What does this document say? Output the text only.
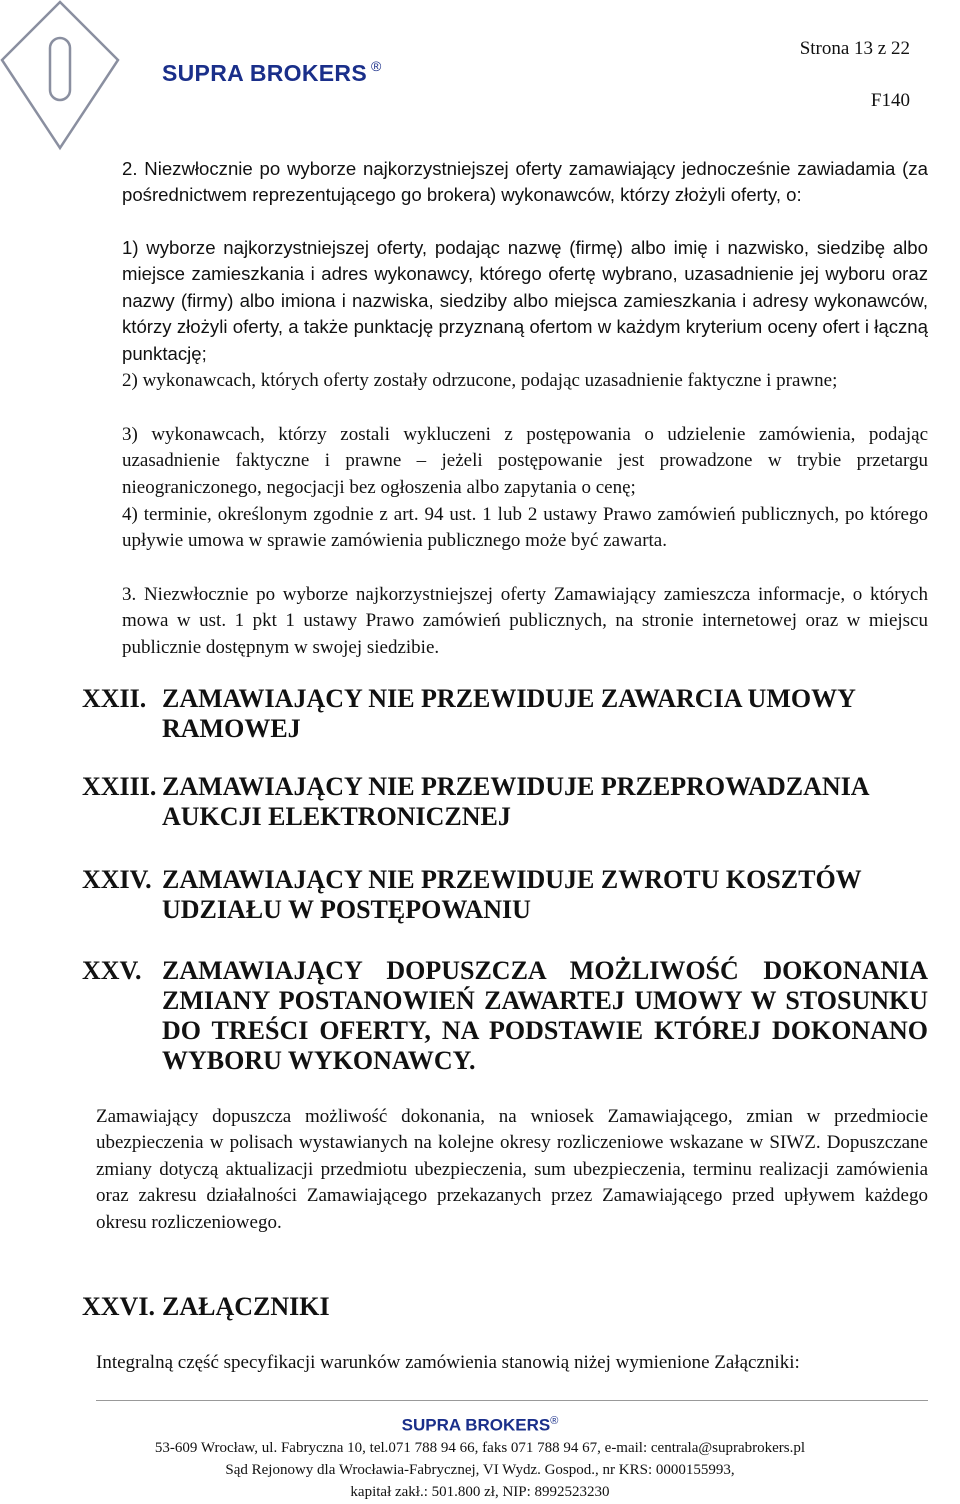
SUPRA BROKERS ®
Strona 13 z 22
F140

2. Niezwłocznie po wyborze najkorzystniejszej oferty zamawiający jednocześnie zawiadamia (za pośrednictwem reprezentującego go brokera) wykonawców, którzy złożyli oferty, o:

1) wyborze najkorzystniejszej oferty, podając nazwę (firmę) albo imię i nazwisko, siedzibę albo miejsce zamieszkania i adres wykonawcy, którego ofertę wybrano, uzasadnienie jej wyboru oraz nazwy (firmy) albo imiona i nazwiska, siedziby albo miejsca zamieszkania i adresy wykonawców, którzy złożyli oferty, a także punktację przyznaną ofertom w każdym kryterium oceny ofert i łączną punktację;

2) wykonawcach, których oferty zostały odrzucone, podając uzasadnienie faktyczne i prawne;

3) wykonawcach, którzy zostali wykluczeni z postępowania o udzielenie zamówienia, podając uzasadnienie faktyczne i prawne – jeżeli postępowanie jest prowadzone w trybie przetargu nieograniczonego, negocjacji bez ogłoszenia albo zapytania o cenę;

4) terminie, określonym zgodnie z art. 94 ust. 1 lub 2 ustawy Prawo zamówień publicznych, po którego upływie umowa w sprawie zamówienia publicznego może być zawarta.

3. Niezwłocznie po wyborze najkorzystniejszej oferty Zamawiający zamieszcza informacje, o których mowa w ust. 1 pkt 1 ustawy Prawo zamówień publicznych, na stronie internetowej oraz w miejscu publicznie dostępnym w swojej siedzibie.

XXII. ZAMAWIAJĄCY NIE PRZEWIDUJE ZAWARCIA UMOWY RAMOWEJ
XXIII. ZAMAWIAJĄCY NIE PRZEWIDUJE PRZEPROWADZANIA AUKCJI ELEKTRONICZNEJ
XXIV. ZAMAWIAJĄCY NIE PRZEWIDUJE ZWROTU KOSZTÓW UDZIAŁU W POSTĘPOWANIU
XXV. ZAMAWIAJĄCY DOPUSZCZA MOŻLIWOŚĆ DOKONANIA ZMIANY POSTANOWIEŃ ZAWARTEJ UMOWY W STOSUNKU DO TREŚCI OFERTY, NA PODSTAWIE KTÓREJ DOKONANO WYBORU WYKONAWCY.

Zamawiający dopuszcza możliwość dokonania, na wniosek Zamawiającego, zmian w przedmiocie ubezpieczenia w polisach wystawianych na kolejne okresy rozliczeniowe wskazane w SIWZ. Dopuszczane zmiany dotyczą aktualizacji przedmiotu ubezpieczenia, sum ubezpieczenia, terminu realizacji zamówienia oraz zakresu działalności Zamawiającego przekazanych przez Zamawiającego przed upływem każdego okresu rozliczeniowego.

XXVI. ZAŁĄCZNIKI

Integralną część specyfikacji warunków zamówienia stanowią niżej wymienione Załączniki:

SUPRA BROKERS®
53-609 Wrocław, ul. Fabryczna 10, tel.071 788 94 66, faks 071 788 94 67, e-mail: centrala@suprabrokers.pl
Sąd Rejonowy dla Wrocławia-Fabrycznej, VI Wydz. Gospod., nr KRS: 0000155993,
kapitał zakł.: 501.800 zł, NIP: 8992523230
